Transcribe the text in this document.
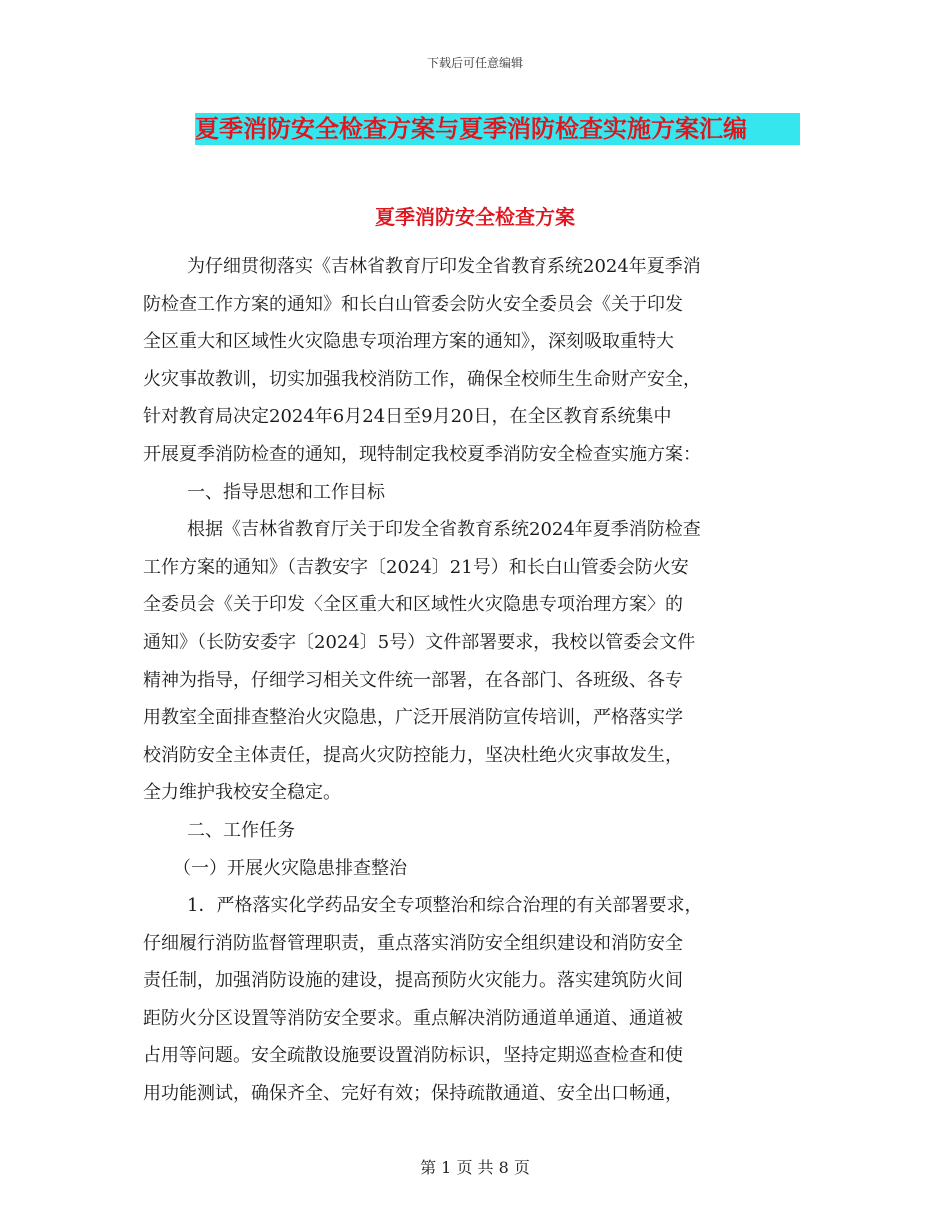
下载后可任意编辑
夏季消防安全检查方案与夏季消防检查实施方案汇编
夏季消防安全检查方案
为仔细贯彻落实《吉林省教育厅印发全省教育系统2024年夏季消
防检查工作方案的通知》和长白山管委会防火安全委员会《关于印发
全区重大和区域性火灾隐患专项治理方案的通知》，深刻吸取重特大
火灾事故教训，切实加强我校消防工作，确保全校师生生命财产安全，
针对教育局决定2024年6月24日至9月20日，在全区教育系统集中
开展夏季消防检查的通知，现特制定我校夏季消防安全检查实施方案：
一、指导思想和工作目标
根据《吉林省教育厅关于印发全省教育系统2024年夏季消防检查
工作方案的通知》（吉教安字〔2024〕21号）和长白山管委会防火安
全委员会《关于印发〈全区重大和区域性火灾隐患专项治理方案〉的
通知》（长防安委字〔2024〕5号）文件部署要求，我校以管委会文件
精神为指导，仔细学习相关文件统一部署，在各部门、各班级、各专
用教室全面排查整治火灾隐患，广泛开展消防宣传培训，严格落实学
校消防安全主体责任，提高火灾防控能力，坚决杜绝火灾事故发生，
全力维护我校安全稳定。
二、工作任务
（一）开展火灾隐患排查整治
1．严格落实化学药品安全专项整治和综合治理的有关部署要求，
仔细履行消防监督管理职责，重点落实消防安全组织建设和消防安全
责任制，加强消防设施的建设，提高预防火灾能力。落实建筑防火间
距防火分区设置等消防安全要求。重点解决消防通道单通道、通道被
占用等问题。安全疏散设施要设置消防标识，坚持定期巡查检查和使
用功能测试，确保齐全、完好有效；保持疏散通道、安全出口畅通，
第 1 页 共 8 页
